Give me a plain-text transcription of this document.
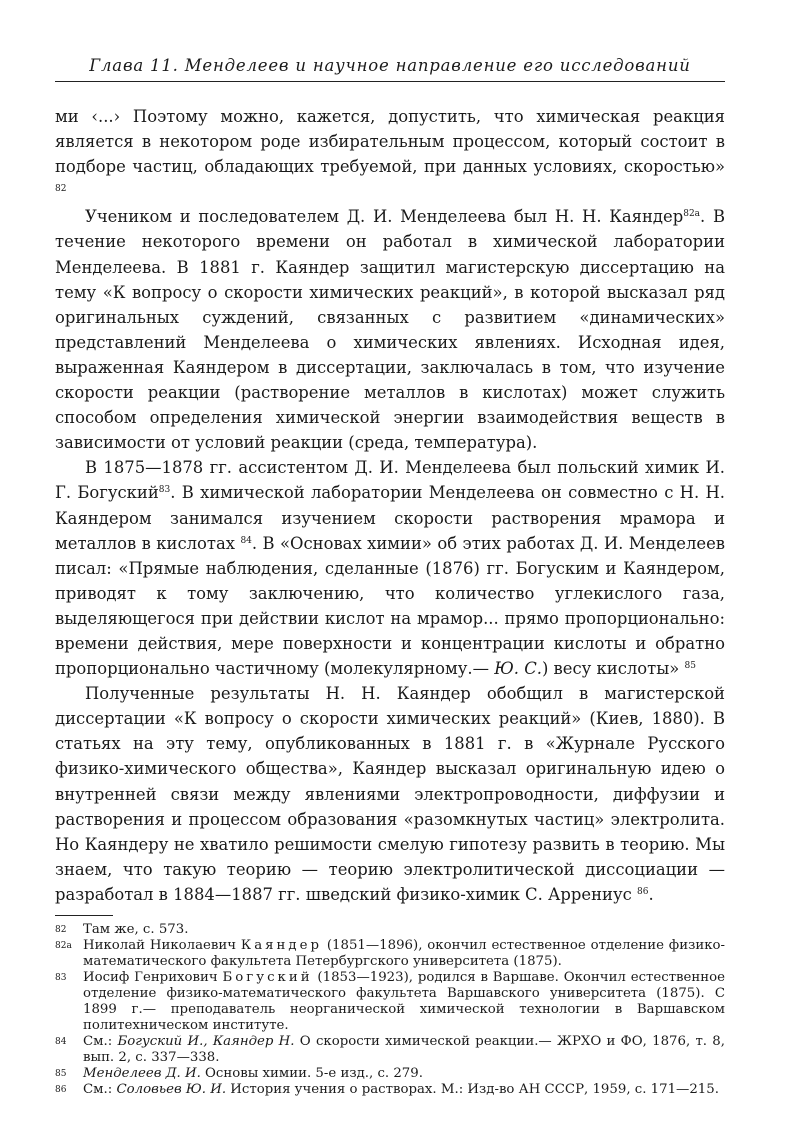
Глава 11. Менделеев и научное направление его исследований

ми ‹...› Поэтому можно, кажется, допустить, что химическая реакция является в некотором роде избирательным процессом, который состоит в подборе частиц, обладающих требуемой, при данных условиях, скоростью» $^{82}$

Учеником и последователем Д. И. Менделеева был Н. Н. Каяндер$^{82а}$. В течение некоторого времени он работал в химической лаборатории Менделеева. В 1881 г. Каяндер защитил магистерскую диссертацию на тему «К вопросу о скорости химических реакций», в которой высказал ряд оригинальных суждений, связанных с развитием «динамических» представлений Менделеева о химических явлениях. Исходная идея, выраженная Каяндером в диссертации, заключалась в том, что изучение скорости реакции (растворение металлов в кислотах) может служить способом определения химической энергии взаимодействия веществ в зависимости от условий реакции (среда, температура).

В 1875—1878 гг. ассистентом Д. И. Менделеева был польский химик И. Г. Богуский$^{83}$. В химической лаборатории Менделеева он совместно с Н. Н. Каяндером занимался изучением скорости растворения мрамора и металлов в кислотах $^{84}$. В «Основах химии» об этих работах Д. И. Менделеев писал: «Прямые наблюдения, сделанные (1876) гг. Богуским и Каяндером, приводят к тому заключению, что количество углекислого газа, выделяющегося при действии кислот на мрамор... прямо пропорционально: времени действия, мере поверхности и концентрации кислоты и обратно пропорционально частичному (молекулярному.— Ю. С.) весу кислоты» $^{85}$

Полученные результаты Н. Н. Каяндер обобщил в магистерской диссертации «К вопросу о скорости химических реакций» (Киев, 1880). В статьях на эту тему, опубликованных в 1881 г. в «Журнале Русского физико-химического общества», Каяндер высказал оригинальную идею о внутренней связи между явлениями электропроводности, диффузии и растворения и процессом образования «разомкнутых частиц» электролита. Но Каяндеру не хватило решимости смелую гипотезу развить в теорию. Мы знаем, что такую теорию — теорию электролитической диссоциации — разработал в 1884—1887 гг. шведский физико-химик С. Аррениус $^{86}$.

82	Там же, с. 573.
82а Николай Николаевич Каяндер (1851—1896), окончил естественное отделение физико-математического факультета Петербургского университета (1875).
83	Иосиф Генрихович Богуский (1853—1923), родился в Варшаве. Окончил естественное отделение физико-математического факультета Варшавского университета (1875). С 1899 г.— преподаватель неорганической химической технологии в Варшавском политехническом институте.
84	См.: Богуский И., Каяндер Н. О скорости химической реакции.— ЖРХО и ФО, 1876, т. 8, вып. 2, с. 337—338.
85	Менделеев Д. И. Основы химии. 5-е изд., с. 279.
86	См.: Соловьев Ю. И. История учения о растворах. М.: Изд-во АН СССР, 1959, с. 171—215.
